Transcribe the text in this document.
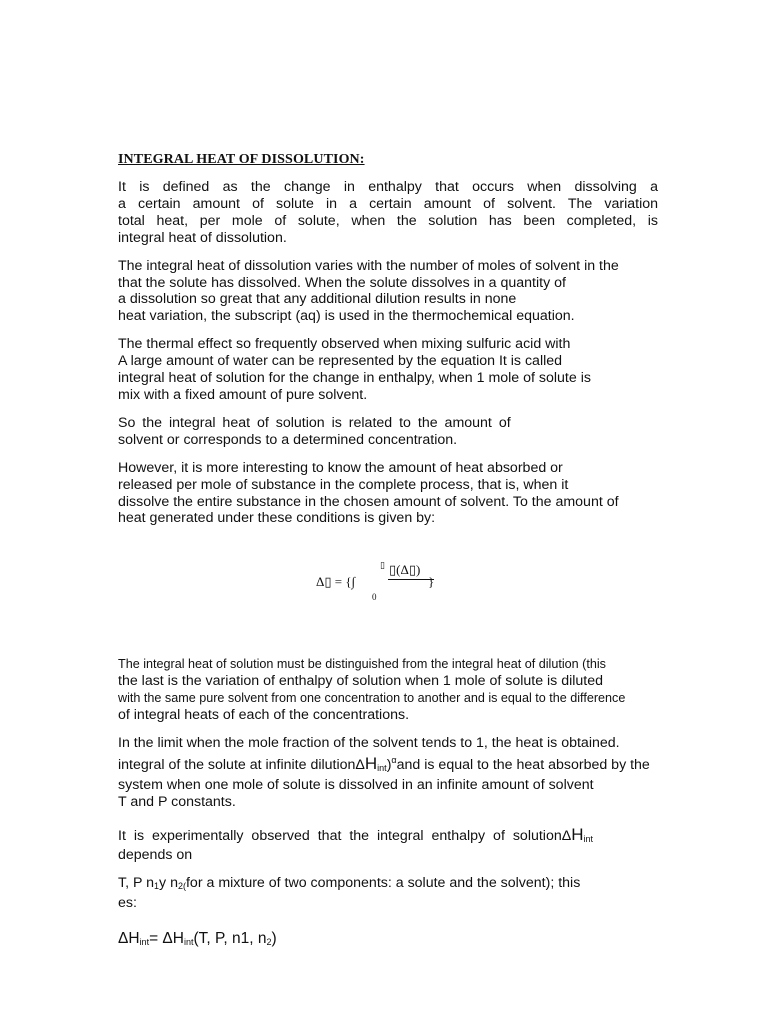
INTEGRAL HEAT OF DISSOLUTION:
It is defined as the change in enthalpy that occurs when dissolving a
a certain amount of solute in a certain amount of solvent. The variation
total heat, per mole of solute, when the solution has been completed, is
integral heat of dissolution.
The integral heat of dissolution varies with the number of moles of solvent in the
that the solute has dissolved. When the solute dissolves in a quantity of
a dissolution so great that any additional dilution results in none
heat variation, the subscript (aq) is used in the thermochemical equation.
The thermal effect so frequently observed when mixing sulfuric acid with
A large amount of water can be represented by the equation It is called
integral heat of solution for the change in enthalpy, when 1 mole of solute is
mix with a fixed amount of pure solvent.
So the integral heat of solution is related to the amount of
solvent or corresponds to a determined concentration.
However, it is more interesting to know the amount of heat absorbed or
released per mole of substance in the complete process, that is, when it
dissolve the entire substance in the chosen amount of solvent. To the amount of
heat generated under these conditions is given by:
Δ▯ = {∫
▯ ▯(Δ▯)
}
0
The integral heat of solution must be distinguished from the integral heat of dilution (this
the last is the variation of enthalpy of solution when 1 mole of solute is diluted
with the same pure solvent from one concentration to another and is equal to the difference
of integral heats of each of the concentrations.
In the limit when the mole fraction of the solvent tends to 1, the heat is obtained.
integral of the solute at infinite dilutionΔH$_{int}$)$^\alpha$and is equal to the heat absorbed by the
system when one mole of solute is dissolved in an infinite amount of solvent
T and P constants.
It is experimentally observed that the integral enthalpy of solutionΔH$_{int}$
depends on
T, P $n_1y$ $n_{2(}for$ a mixture of two components: a solute and the solvent); this
es:
$\Delta H_{int}= \Delta H_{int}(T$, P, n1, $n_2$)
